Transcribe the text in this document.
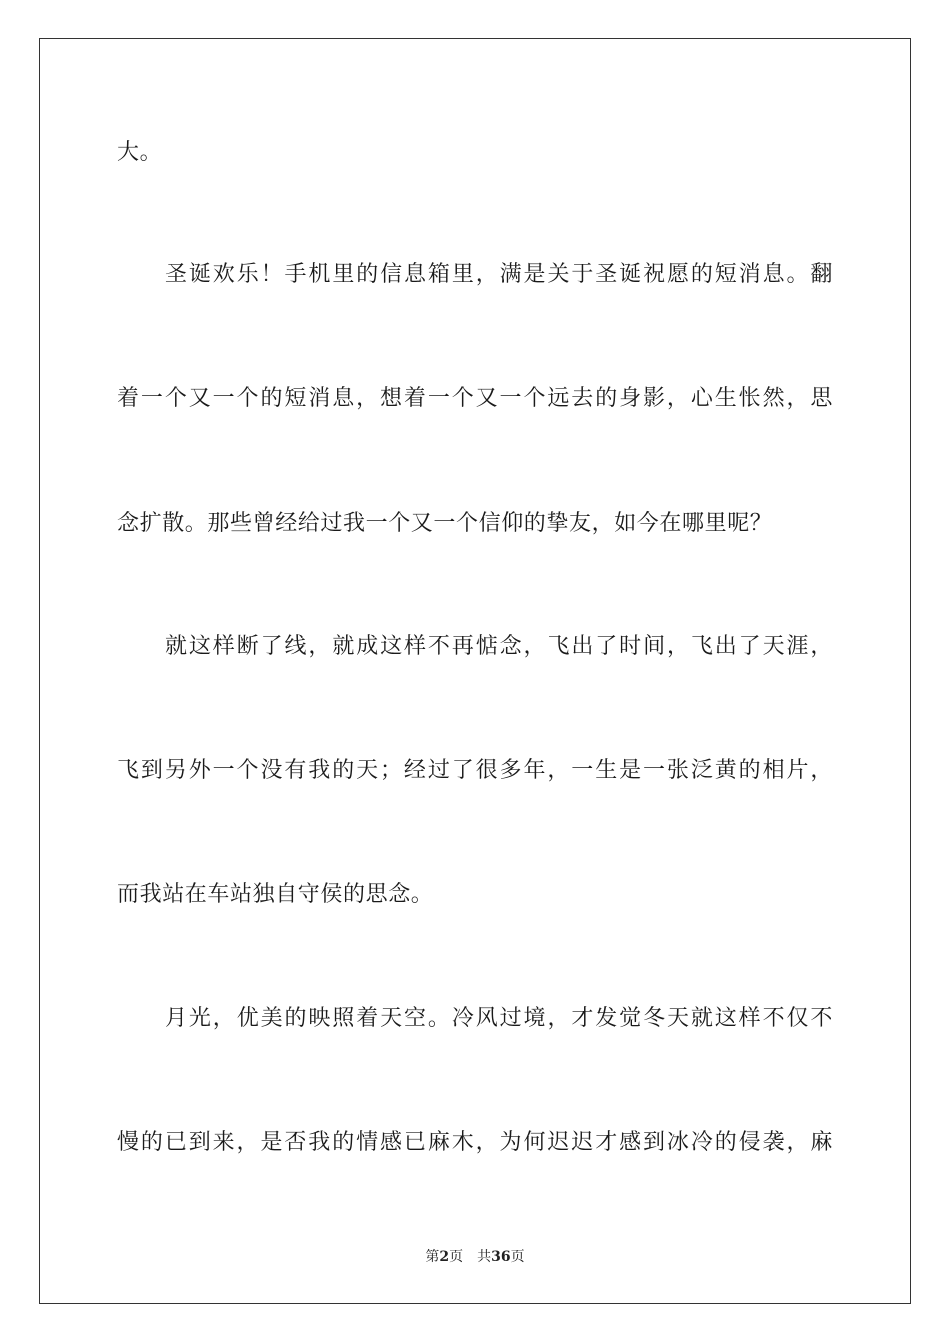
大。
圣诞欢乐！手机里的信息箱里，满是关于圣诞祝愿的短消息。翻
着一个又一个的短消息，想着一个又一个远去的身影，心生怅然，思
念扩散。那些曾经给过我一个又一个信仰的挚友，如今在哪里呢？
就这样断了线，就成这样不再惦念，飞出了时间，飞出了天涯，
飞到另外一个没有我的天；经过了很多年，一生是一张泛黄的相片，
而我站在车站独自守侯的思念。
月光，优美的映照着天空。冷风过境，才发觉冬天就这样不仅不
慢的已到来，是否我的情感已麻木，为何迟迟才感到冰冷的侵袭，麻
第2页 共36页
